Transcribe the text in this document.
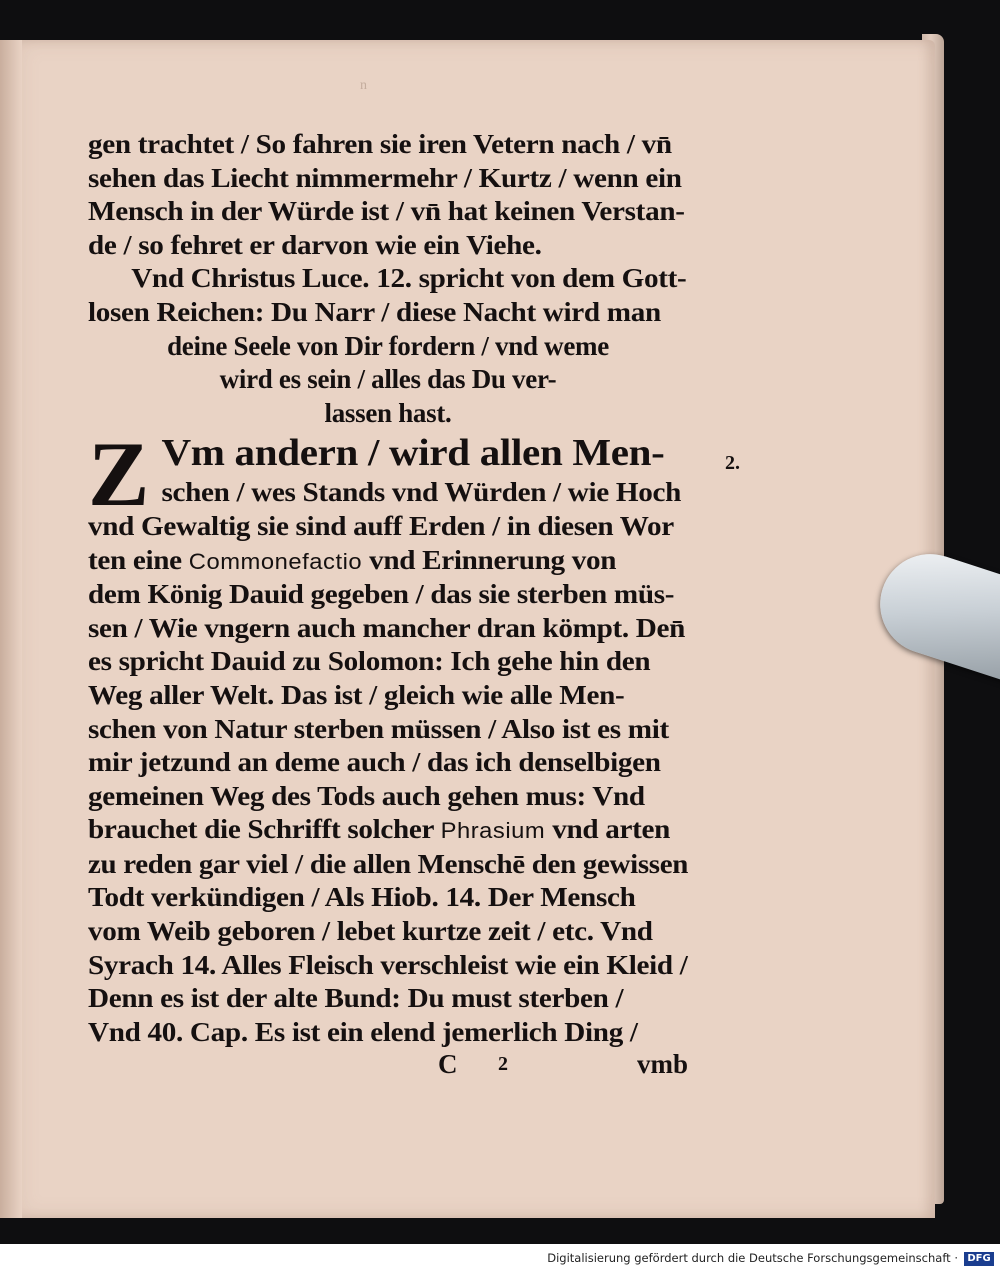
n
gen trachtet / So fahren sie iren Vetern nach / vn̄
sehen das Liecht nimmermehr / Kurtz / wenn ein
Mensch in der Würde ist / vn̄ hat keinen Verstan-
de / so fehret er darvon wie ein Viehe.
Vnd Christus Luce. 12. spricht von dem Gott-
losen Reichen: Du Narr / diese Nacht wird man
deine Seele von Dir fordern / vnd weme
wird es sein / alles das Du ver-
lassen hast.
Z Vm andern / wird allen Men-
schen / wes Stands vnd Würden / wie Hoch
vnd Gewaltig sie sind auff Erden / in diesen Wor
ten eine Commonefactio vnd Erinnerung von
dem König Dauid gegeben / das sie sterben müs-
sen / Wie vngern auch mancher dran kömpt. Den̄
es spricht Dauid zu Solomon: Ich gehe hin den
Weg aller Welt. Das ist / gleich wie alle Men-
schen von Natur sterben müssen / Also ist es mit
mir jetzund an deme auch / das ich denselbigen
gemeinen Weg des Tods auch gehen mus: Vnd
brauchet die Schrifft solcher Phrasium vnd arten
zu reden gar viel / die allen Menschē den gewissen
Todt verkündigen / Als Hiob. 14. Der Mensch
vom Weib geboren / lebet kurtze zeit / etc. Vnd
Syrach 14. Alles Fleisch verschleist wie ein Kleid /
Denn es ist der alte Bund: Du must sterben /
Vnd 40. Cap. Es ist ein elend jemerlich Ding /
C 2	vmb
2.
Digitalisierung gefördert durch die Deutsche Forschungsgemeinschaft · DFG
